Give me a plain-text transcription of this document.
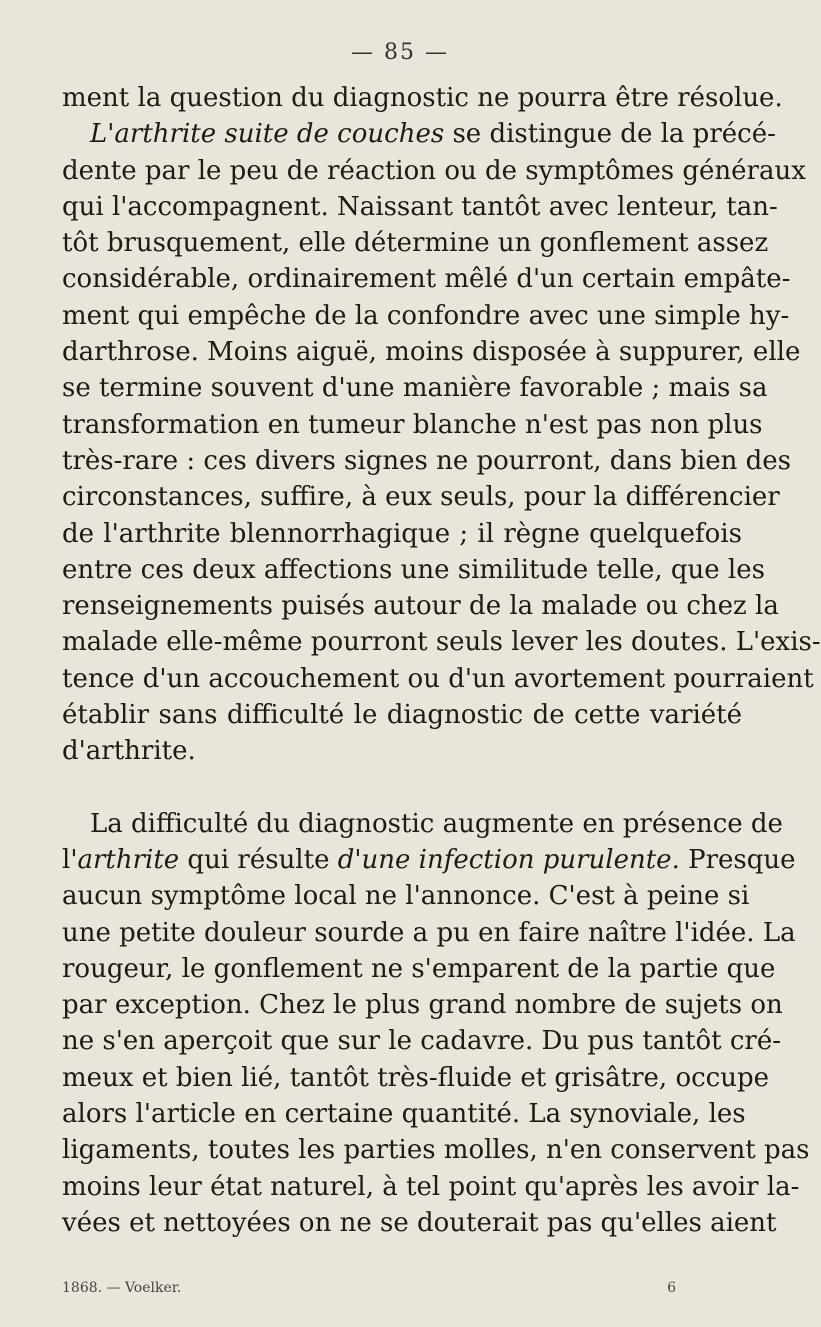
— 85 —
ment la question du diagnostic ne pourra être résolue.
L'arthrite suite de couches se distingue de la précé-
dente par le peu de réaction ou de symptômes généraux
qui l'accompagnent. Naissant tantôt avec lenteur, tan-
tôt brusquement, elle détermine un gonflement assez
considérable, ordinairement mêlé d'un certain empâte-
ment qui empêche de la confondre avec une simple hy-
darthrose. Moins aiguë, moins disposée à suppurer, elle
se termine souvent d'une manière favorable ; mais sa
transformation en tumeur blanche n'est pas non plus
très-rare : ces divers signes ne pourront, dans bien des
circonstances, suffire, à eux seuls, pour la différencier
de l'arthrite blennorrhagique ; il règne quelquefois
entre ces deux affections une similitude telle, que les
renseignements puisés autour de la malade ou chez la
malade elle-même pourront seuls lever les doutes. L'exis-
tence d'un accouchement ou d'un avortement pourraient
établir sans difficulté le diagnostic de cette variété
d'arthrite.
La difficulté du diagnostic augmente en présence de
l'arthrite qui résulte d'une infection purulente. Presque
aucun symptôme local ne l'annonce. C'est à peine si
une petite douleur sourde a pu en faire naître l'idée. La
rougeur, le gonflement ne s'emparent de la partie que
par exception. Chez le plus grand nombre de sujets on
ne s'en aperçoit que sur le cadavre. Du pus tantôt cré-
meux et bien lié, tantôt très-fluide et grisâtre, occupe
alors l'article en certaine quantité. La synoviale, les
ligaments, toutes les parties molles, n'en conservent pas
moins leur état naturel, à tel point qu'après les avoir la-
vées et nettoyées on ne se douterait pas qu'elles aient
1868. — Voelker.	6
